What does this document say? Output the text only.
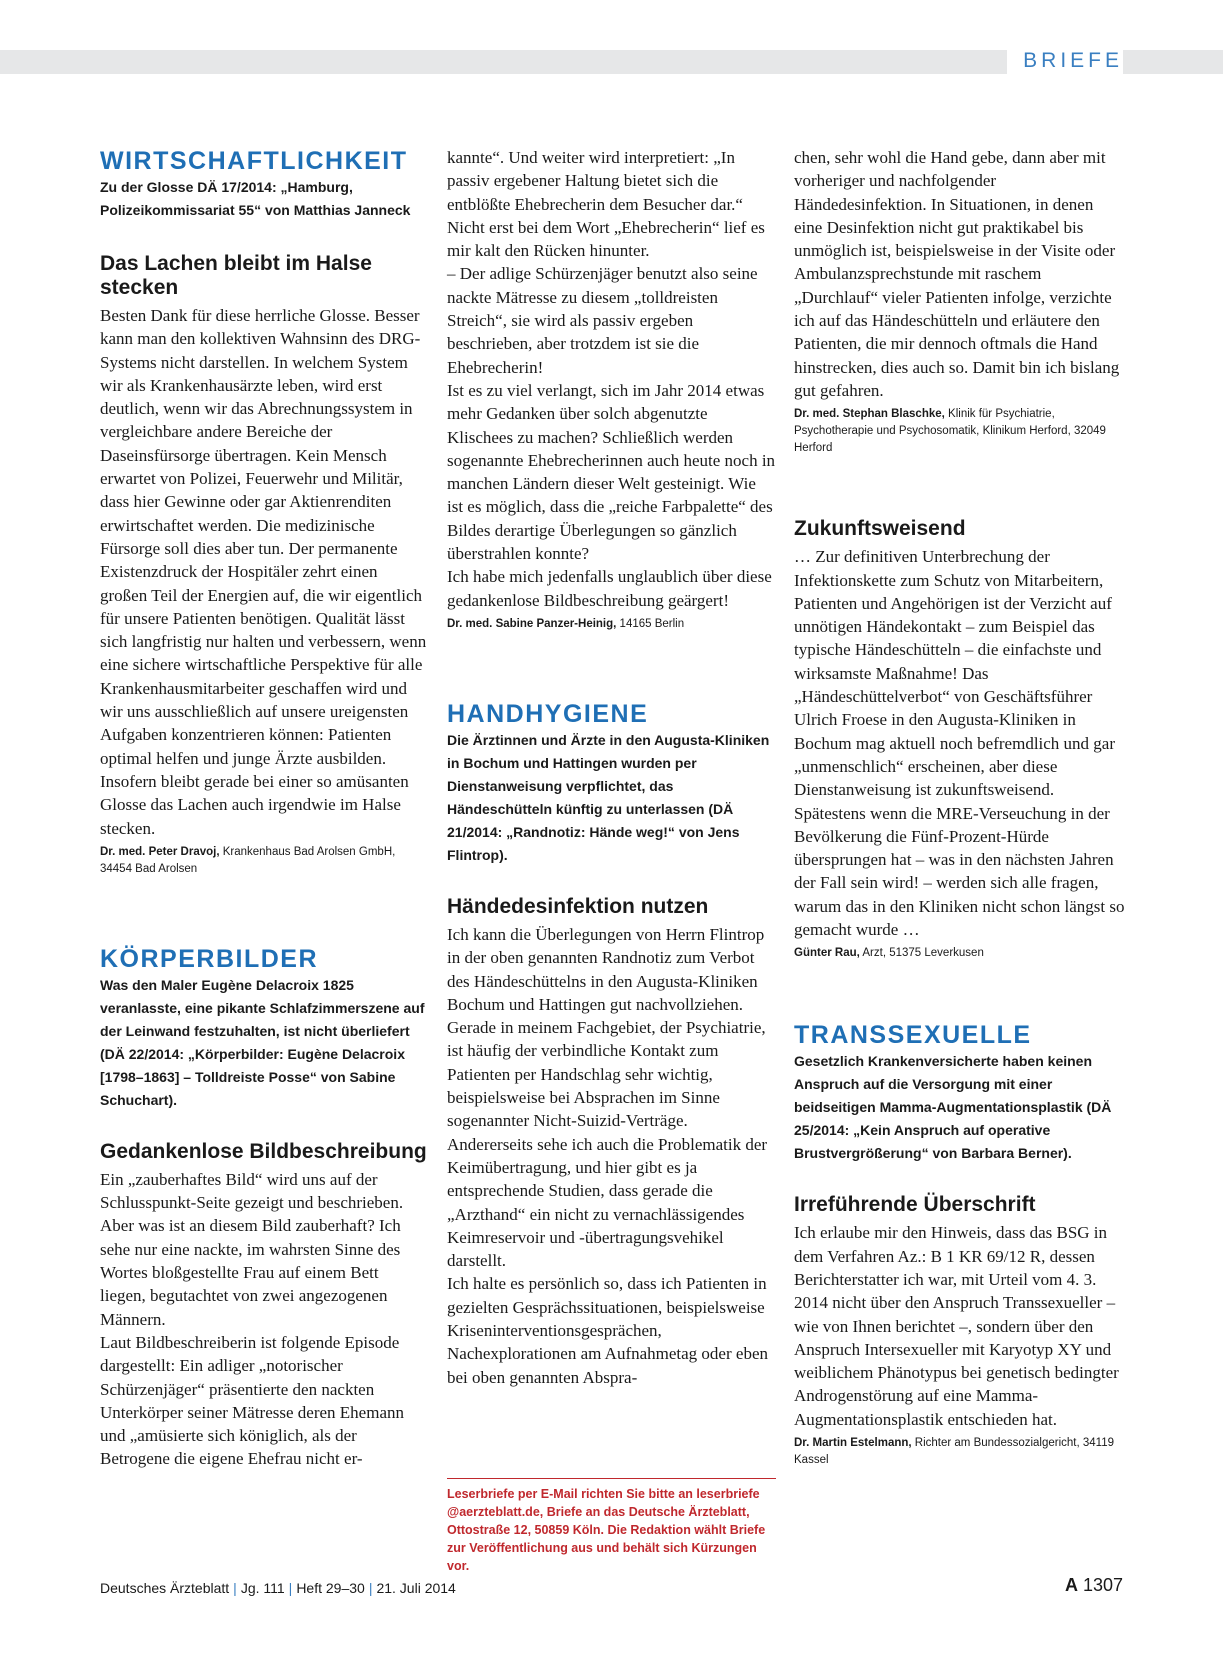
BRIEFE
WIRTSCHAFTLICHKEIT

Zu der Glosse DÄ 17/2014: „Hamburg, Polizeikommissariat 55“ von Matthias Janneck

Das Lachen bleibt im Halse stecken

Besten Dank für diese herrliche Glosse. Besser kann man den kollektiven Wahnsinn des DRG-Systems nicht darstellen. In welchem System wir als Krankenhausärzte leben, wird erst deutlich, wenn wir das Abrechnungssystem in vergleichbare andere Bereiche der Daseinsfürsorge übertragen. Kein Mensch erwartet von Polizei, Feuerwehr und Militär, dass hier Gewinne oder gar Aktienrenditen erwirtschaftet werden. Die medizinische Fürsorge soll dies aber tun. Der permanente Existenzdruck der Hospitäler zehrt einen großen Teil der Energien auf, die wir eigentlich für unsere Patienten benötigen. Qualität lässt sich langfristig nur halten und verbessern, wenn eine sichere wirtschaftliche Perspektive für alle Krankenhausmitarbeiter geschaffen wird und wir uns ausschließlich auf unsere ureigensten Aufgaben konzentrieren können: Patienten optimal helfen und junge Ärzte ausbilden. Insofern bleibt gerade bei einer so amüsanten Glosse das Lachen auch irgendwie im Halse stecken.

Dr. med. Peter Dravoj, Krankenhaus Bad Arolsen GmbH, 34454 Bad Arolsen

KÖRPERBILDER

Was den Maler Eugène Delacroix 1825 veranlasste, eine pikante Schlafzimmerszene auf der Leinwand festzuhalten, ist nicht überliefert (DÄ 22/2014: „Körperbilder: Eugène Delacroix [1798–1863] – Tolldreiste Posse“ von Sabine Schuchart).

Gedankenlose Bildbeschreibung

Ein „zauberhaftes Bild“ wird uns auf der Schlusspunkt-Seite gezeigt und beschrieben. Aber was ist an diesem Bild zauberhaft? Ich sehe nur eine nackte, im wahrsten Sinne des Wortes bloßgestellte Frau auf einem Bett liegen, begutachtet von zwei angezogenen Männern.

Laut Bildbeschreiberin ist folgende Episode dargestellt: Ein adliger „notorischer Schürzenjäger“ präsentierte den nackten Unterkörper seiner Mätresse deren Ehemann und „amüsierte sich königlich, als der Betrogene die eigene Ehefrau nicht er-

kannte“. Und weiter wird interpretiert: „In passiv ergebener Haltung bietet sich die entblößte Ehebrecherin dem Besucher dar.“ Nicht erst bei dem Wort „Ehebrecherin“ lief es mir kalt den Rücken hinunter.

– Der adlige Schürzenjäger benutzt also seine nackte Mätresse zu diesem „tolldreisten Streich“, sie wird als passiv ergeben beschrieben, aber trotzdem ist sie die Ehebrecherin!

Ist es zu viel verlangt, sich im Jahr 2014 etwas mehr Gedanken über solch abgenutzte Klischees zu machen? Schließlich werden sogenannte Ehebrecherinnen auch heute noch in manchen Ländern dieser Welt gesteinigt. Wie ist es möglich, dass die „reiche Farbpalette“ des Bildes derartige Überlegungen so gänzlich überstrahlen konnte?

Ich habe mich jedenfalls unglaublich über diese gedankenlose Bildbeschreibung geärgert!

Dr. med. Sabine Panzer-Heinig, 14165 Berlin

HANDHYGIENE

Die Ärztinnen und Ärzte in den Augusta-Kliniken in Bochum und Hattingen wurden per Dienstanweisung verpflichtet, das Händeschütteln künftig zu unterlassen (DÄ 21/2014: „Randnotiz: Hände weg!“ von Jens Flintrop).

Händedesinfektion nutzen

Ich kann die Überlegungen von Herrn Flintrop in der oben genannten Randnotiz zum Verbot des Händeschüttelns in den Augusta-Kliniken Bochum und Hattingen gut nachvollziehen. Gerade in meinem Fachgebiet, der Psychiatrie, ist häufig der verbindliche Kontakt zum Patienten per Handschlag sehr wichtig, beispielsweise bei Absprachen im Sinne sogenannter Nicht-Suizid-Verträge. Andererseits sehe ich auch die Problematik der Keimübertragung, und hier gibt es ja entsprechende Studien, dass gerade die „Arzthand“ ein nicht zu vernachlässigendes Keimreservoir und -übertragungsvehikel darstellt.

Ich halte es persönlich so, dass ich Patienten in gezielten Gesprächssituationen, beispielsweise Kriseninterventionsgesprächen, Nachexplorationen am Aufnahmetag oder eben bei oben genannten Abspra-

Leserbriefe per E-Mail richten Sie bitte an leserbriefe @aerzteblatt.de, Briefe an das Deutsche Ärzteblatt, Ottostraße 12, 50859 Köln. Die Redaktion wählt Briefe zur Veröffentlichung aus und behält sich Kürzungen vor.

chen, sehr wohl die Hand gebe, dann aber mit vorheriger und nachfolgender Händedesinfektion. In Situationen, in denen eine Desinfektion nicht gut praktikabel bis unmöglich ist, beispielsweise in der Visite oder Ambulanzsprechstunde mit raschem „Durchlauf“ vieler Patienten infolge, verzichte ich auf das Händeschütteln und erläutere den Patienten, die mir dennoch oftmals die Hand hinstrecken, dies auch so. Damit bin ich bislang gut gefahren.

Dr. med. Stephan Blaschke, Klinik für Psychiatrie, Psychotherapie und Psychosomatik, Klinikum Herford, 32049 Herford

Zukunftsweisend

… Zur definitiven Unterbrechung der Infektionskette zum Schutz von Mitarbeitern, Patienten und Angehörigen ist der Verzicht auf unnötigen Händekontakt – zum Beispiel das typische Händeschütteln – die einfachste und wirksamste Maßnahme! Das „Händeschüttelverbot“ von Geschäftsführer Ulrich Froese in den Augusta-Kliniken in Bochum mag aktuell noch befremdlich und gar „unmenschlich“ erscheinen, aber diese Dienstanweisung ist zukunftsweisend. Spätestens wenn die MRE-Verseuchung in der Bevölkerung die Fünf-Prozent-Hürde übersprungen hat – was in den nächsten Jahren der Fall sein wird! – werden sich alle fragen, warum das in den Kliniken nicht schon längst so gemacht wurde …

Günter Rau, Arzt, 51375 Leverkusen

TRANSSEXUELLE

Gesetzlich Krankenversicherte haben keinen Anspruch auf die Versorgung mit einer beidseitigen Mamma-Augmentationsplastik (DÄ 25/2014: „Kein Anspruch auf operative Brustvergrößerung“ von Barbara Berner).

Irreführende Überschrift

Ich erlaube mir den Hinweis, dass das BSG in dem Verfahren Az.: B 1 KR 69/12 R, dessen Berichterstatter ich war, mit Urteil vom 4. 3. 2014 nicht über den Anspruch Transsexueller – wie von Ihnen berichtet –, sondern über den Anspruch Intersexueller mit Karyotyp XY und weiblichem Phänotypus bei genetisch bedingter Androgenstörung auf eine Mamma-Augmentationsplastik entschieden hat.

Dr. Martin Estelmann, Richter am Bundessozialgericht, 34119 Kassel

Deutsches Ärzteblatt | Jg. 111 | Heft 29–30 | 21. Juli 2014	A 1307
